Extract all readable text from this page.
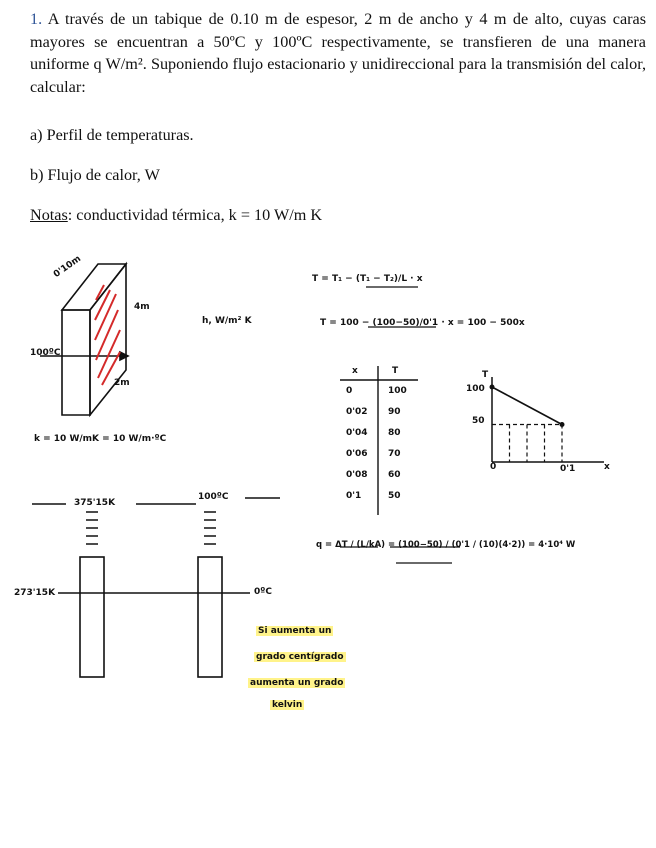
1. A través de un tabique de 0.10 m de espesor, 2 m de ancho y 4 m de alto, cuyas caras mayores se encuentran a 50ºC y 100ºC respectivamente, se transfieren de una manera uniforme q W/m². Suponiendo flujo estacionario y unidireccional para la transmisión del calor, calcular:
a) Perfil de temperaturas.
b) Flujo de calor, W
Notas: conductividad térmica, k = 10 W/m K
0'10m
4m
2m
100ºC
h, W/m² K
k = 10 W/mK = 10 W/m·ºC
T = T₁ − (T₁ − T₂)/L · x
T = 100 − (100−50)/0'1 · x = 100 − 500x
x	T
0	100
0'02 90
0'04 80
0'06 70
0'08 60
0'1	50
T
x
100
50
0	0'1
375'15K
100ºC
273'15K	0ºC
q = ΔT / (L/kA) = (100−50) / (0'1 / (10)(4·2)) = 4·10⁴ W
Si aumenta un
grado centígrado
aumenta un grado
kelvin
